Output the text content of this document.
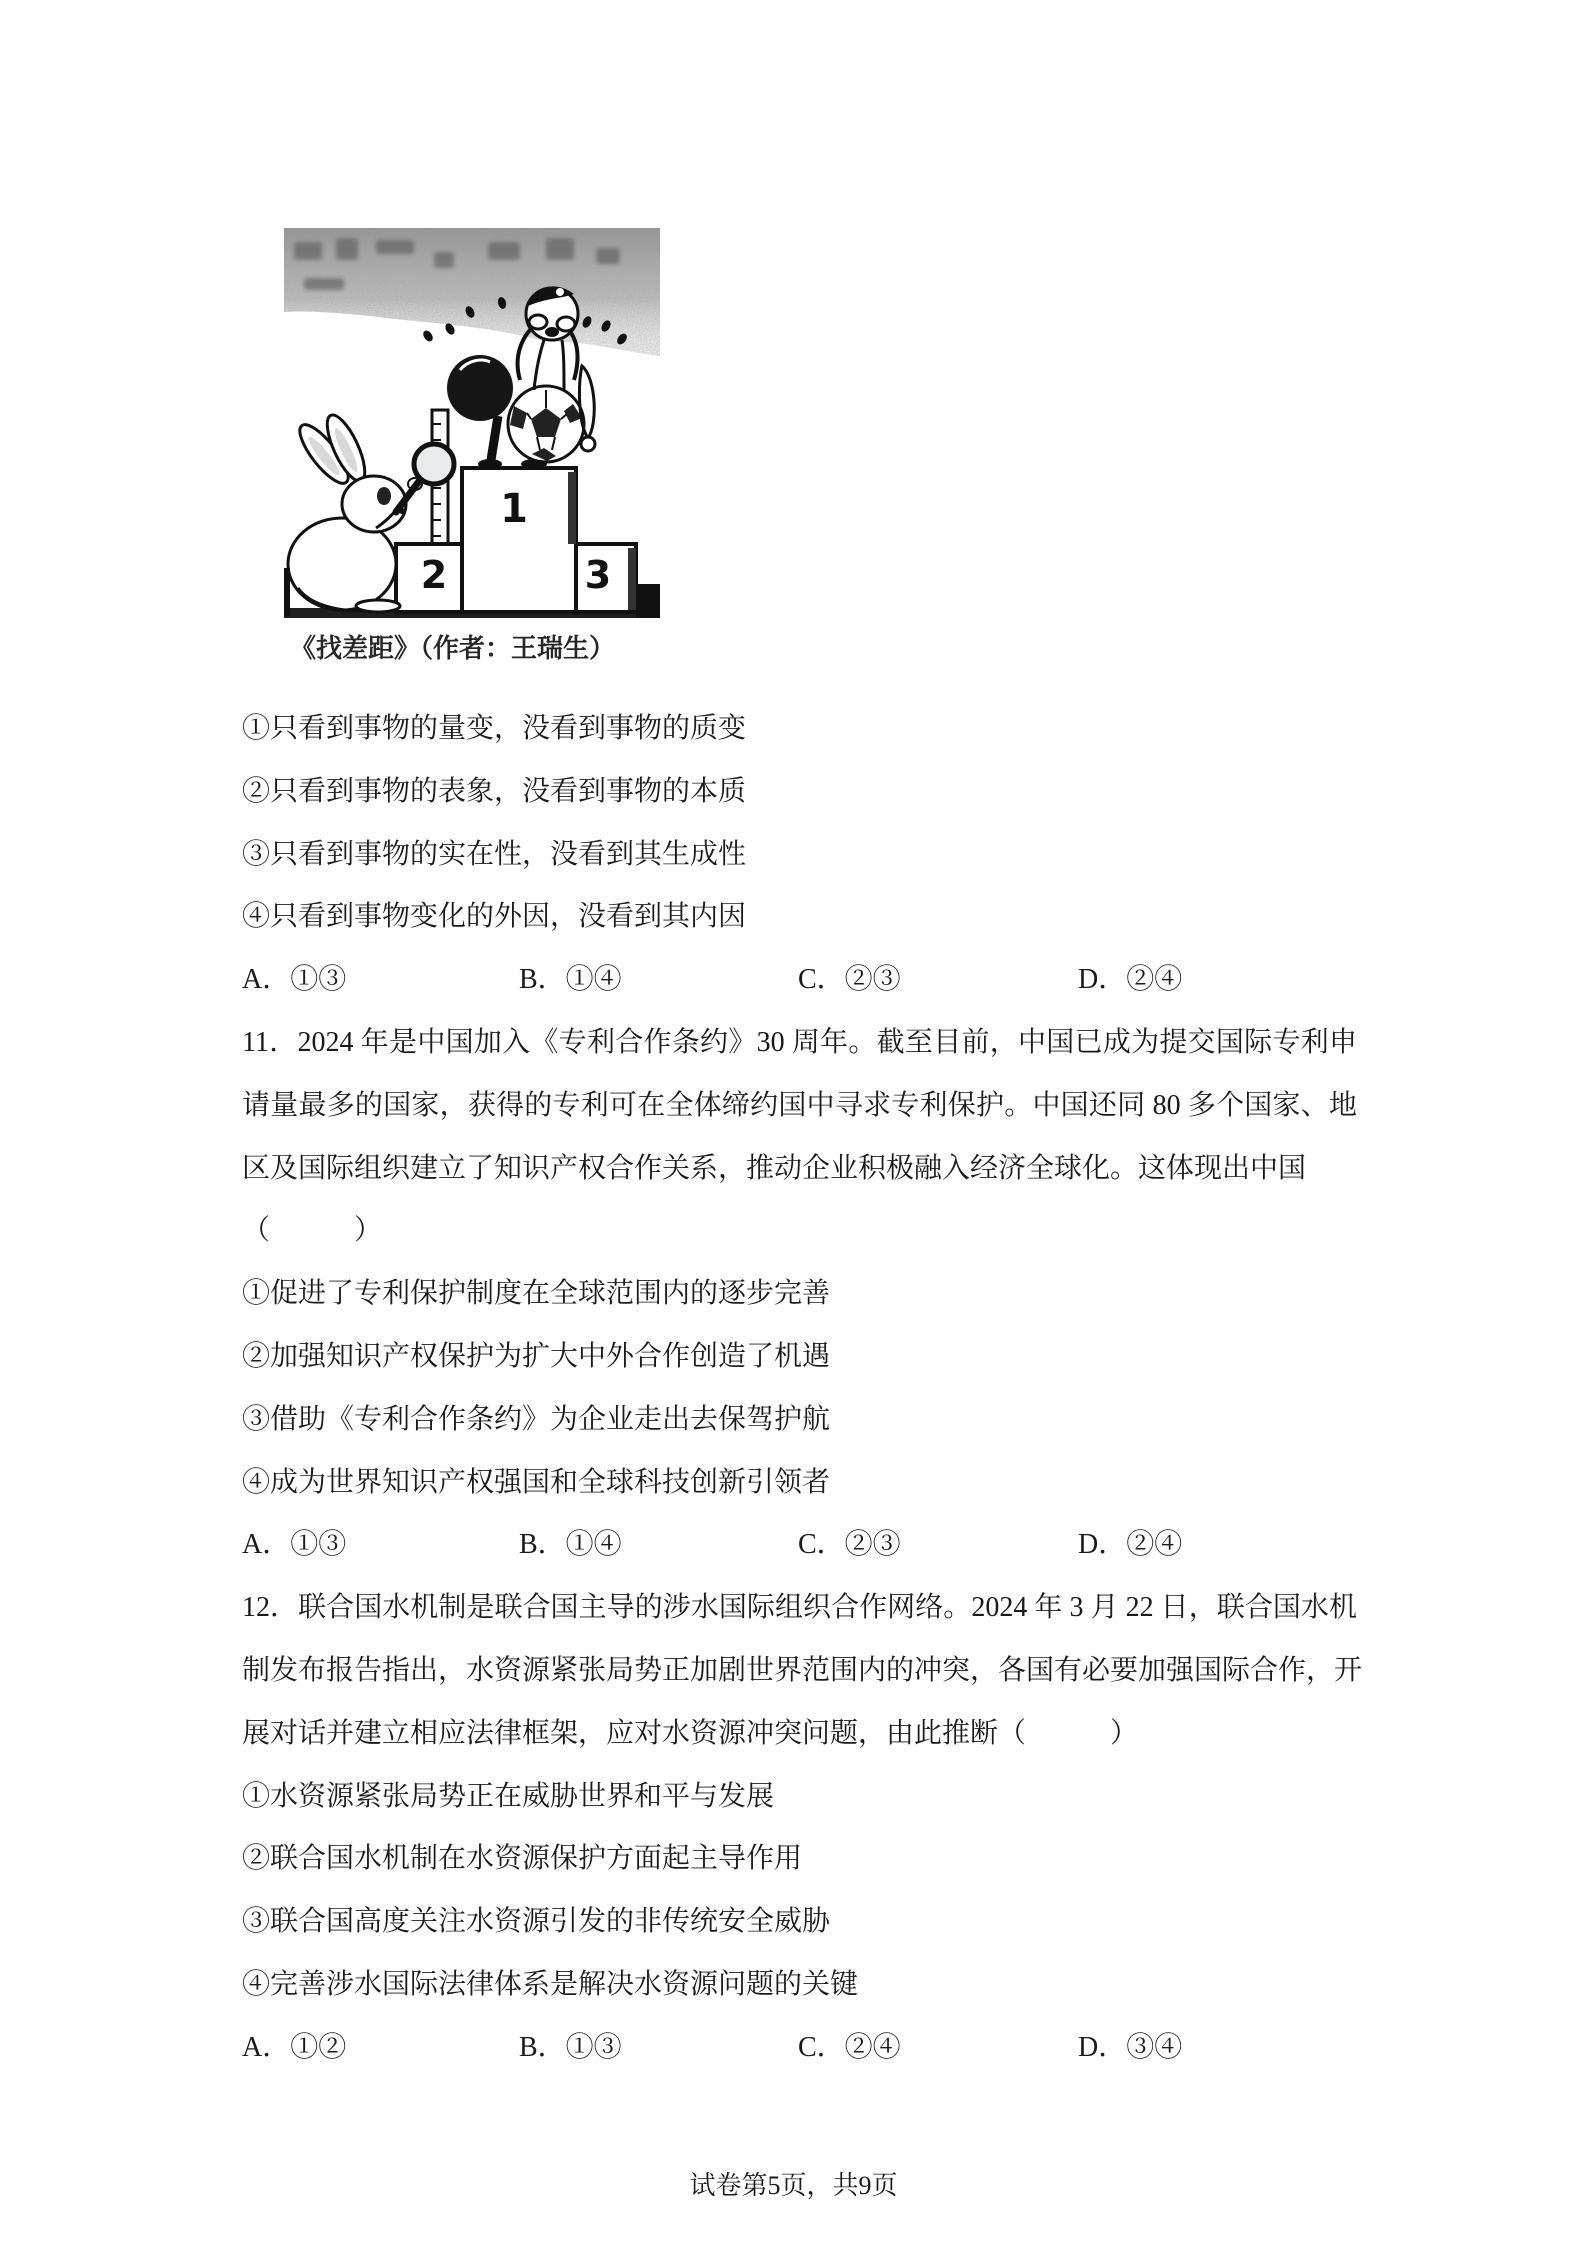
1
2	3
《找差距》（作者：王瑞生）
①只看到事物的量变，没看到事物的质变
②只看到事物的表象，没看到事物的本质
③只看到事物的实在性，没看到其生成性
④只看到事物变化的外因，没看到其内因
A．①③	B．①④	C．②③	D．②④
11．2024 年是中国加入《专利合作条约》30 周年。截至目前，中国已成为提交国际专利申
请量最多的国家，获得的专利可在全体缔约国中寻求专利保护。中国还同 80 多个国家、地
区及国际组织建立了知识产权合作关系，推动企业积极融入经济全球化。这体现出中国
（　　　）
①促进了专利保护制度在全球范围内的逐步完善
②加强知识产权保护为扩大中外合作创造了机遇
③借助《专利合作条约》为企业走出去保驾护航
④成为世界知识产权强国和全球科技创新引领者
A．①③	B．①④	C．②③	D．②④
12．联合国水机制是联合国主导的涉水国际组织合作网络。2024 年 3 月 22 日，联合国水机
制发布报告指出，水资源紧张局势正加剧世界范围内的冲突，各国有必要加强国际合作，开
展对话并建立相应法律框架，应对水资源冲突问题，由此推断（　　　）
①水资源紧张局势正在威胁世界和平与发展
②联合国水机制在水资源保护方面起主导作用
③联合国高度关注水资源引发的非传统安全威胁
④完善涉水国际法律体系是解决水资源问题的关键
A．①②	B．①③	C．②④	D．③④
试卷第5页，共9页
